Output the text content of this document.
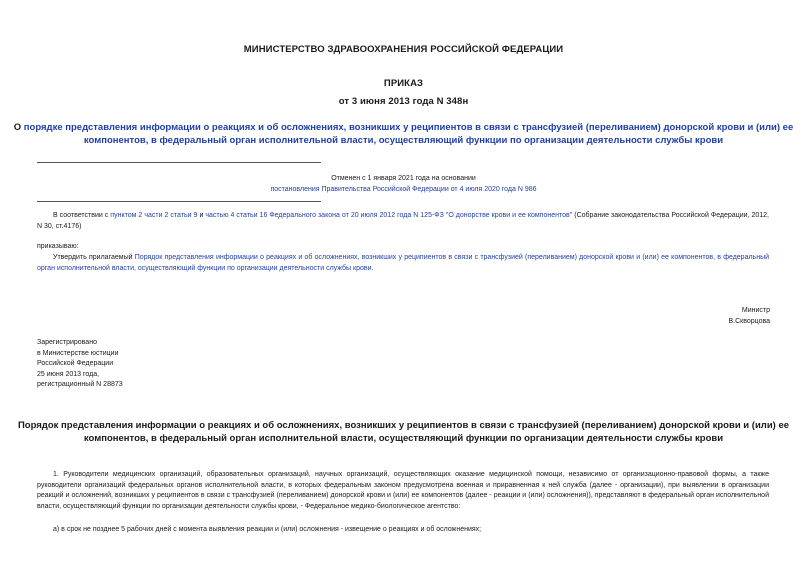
МИНИСТЕРСТВО ЗДРАВООХРАНЕНИЯ РОССИЙСКОЙ ФЕДЕРАЦИИ
ПРИКАЗ
от 3 июня 2013 года N 348н
О порядке представления информации о реакциях и об осложнениях, возникших у реципиентов в связи с трансфузией (переливанием) донорской крови и (или) ее
компонентов, в федеральный орган исполнительной власти, осуществляющий функции по организации деятельности службы крови
Отменен с 1 января 2021 года на основании
постановления Правительства Российской Федерации от 4 июля 2020 года N 986
В соответствии с пунктом 2 части 2 статьи 9 и частью 4 статьи 16 Федерального закона от 20 июля 2012 года N 125-ФЗ "О донорстве крови и ее компонентов" (Собрание законодательства Российской Федерации, 2012, N 30, ст.4176)
приказываю:
Утвердить прилагаемый Порядок представления информации о реакциях и об осложнениях, возникших у реципиентов в связи с трансфузией (переливанием) донорской крови и (или) ее компонентов, в федеральный орган исполнительной власти, осуществляющий функции по организации деятельности службы крови.
Министр
В.Скворцова
Зарегистрировано
в Министерстве юстиции
Российской Федерации
25 июня 2013 года,
регистрационный N 28873
Порядок представления информации о реакциях и об осложнениях, возникших у реципиентов в связи с трансфузией (переливанием) донорской крови и (или) ее
компонентов, в федеральный орган исполнительной власти, осуществляющий функции по организации деятельности службы крови
1. Руководители медицинских организаций, образовательных организаций, научных организаций, осуществляющих оказание медицинской помощи, независимо от организационно-правовой формы, а также руководители организаций федеральных органов исполнительной власти, в которых федеральным законом предусмотрена военная и приравненная к ней служба (далее - организации), при выявлении в организации реакций и осложнений, возникших у реципиентов в связи с трансфузией (переливанием) донорской крови и (или) ее компонентов (далее - реакции и (или) осложнения)), представляют в федеральный орган исполнительной власти, осуществляющий функции по организации деятельности службы крови, - Федеральное медико-биологическое агентство:
а) в срок не позднее 5 рабочих дней с момента выявления реакции и (или) осложнения - извещение о реакциях и об осложнениях;
